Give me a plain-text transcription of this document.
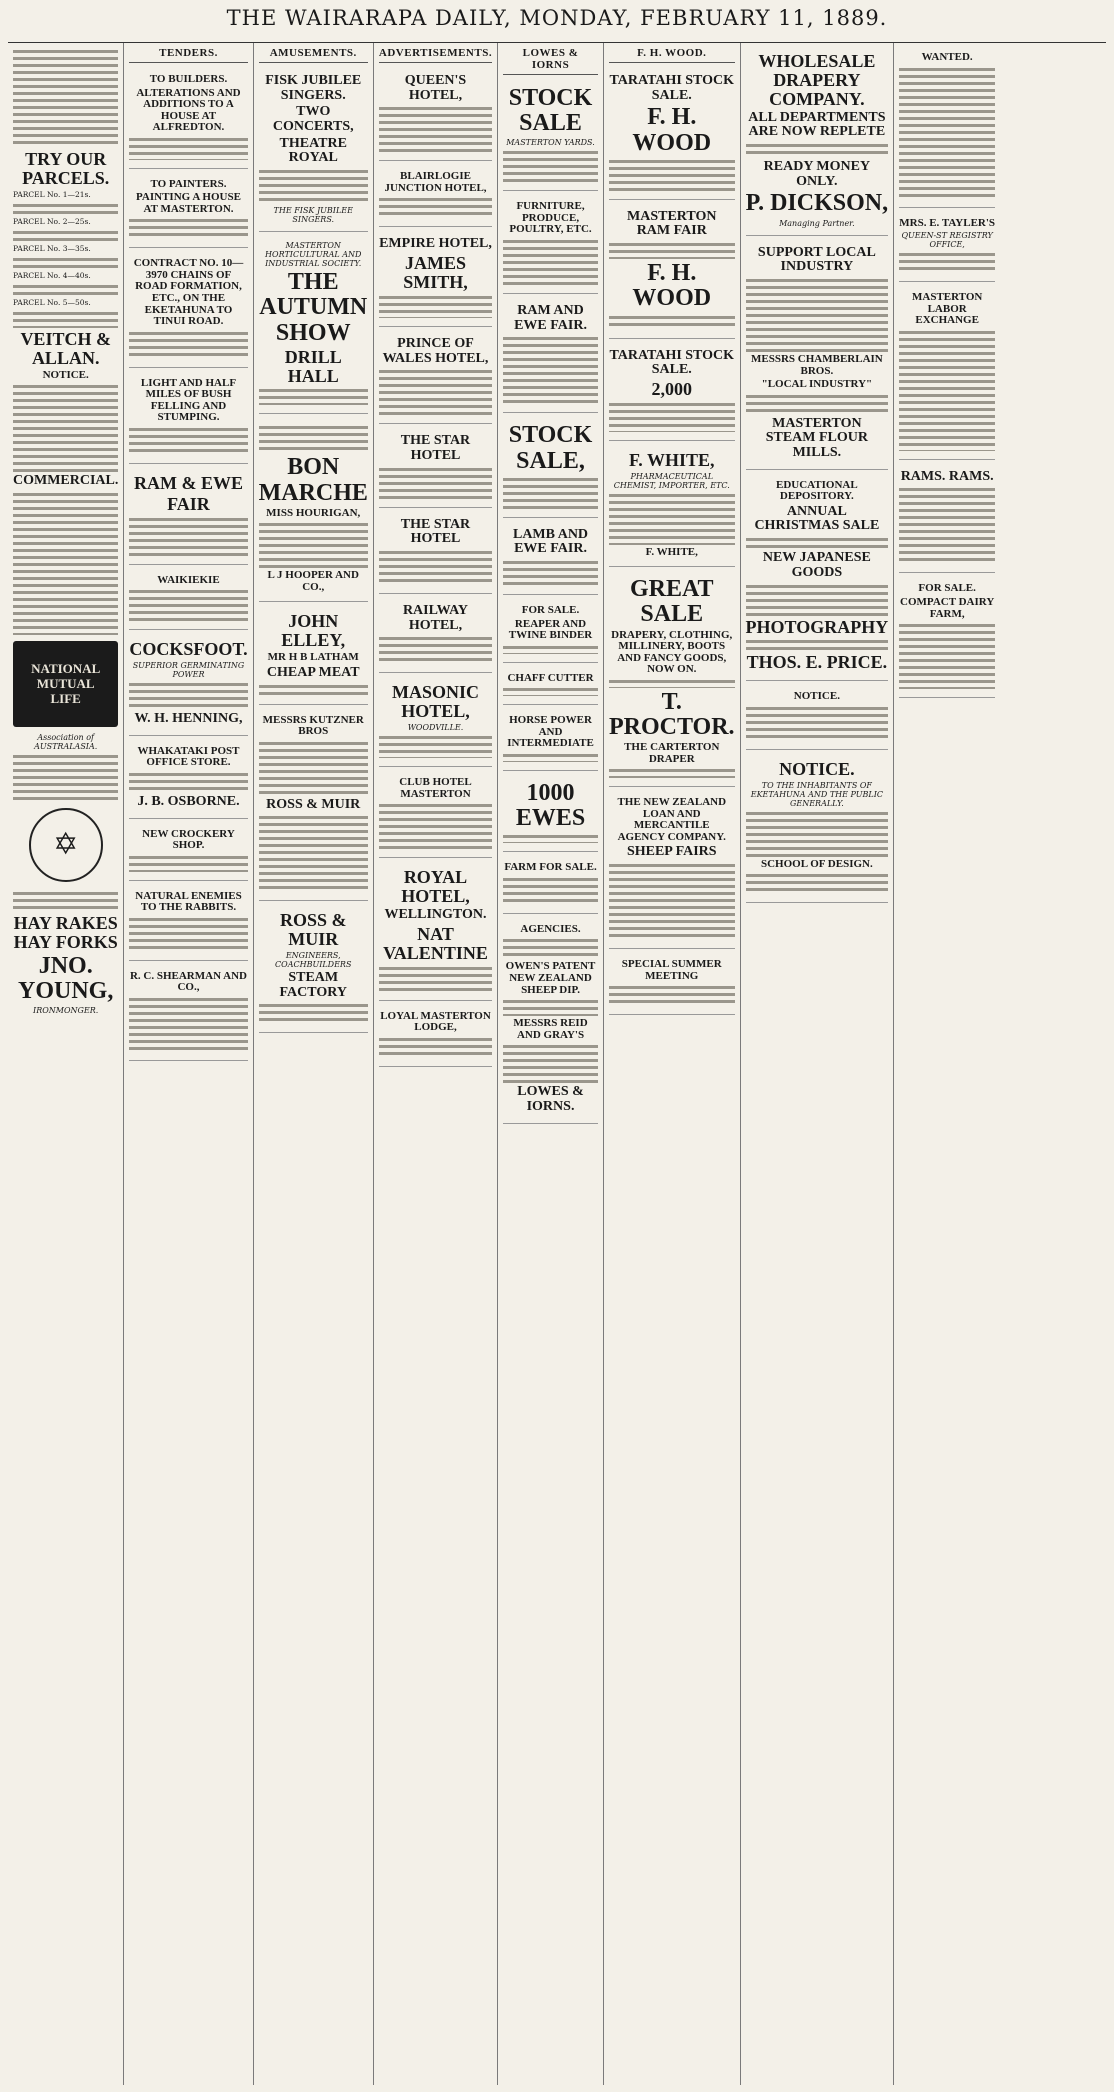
THE WAIRARAPA DAILY, MONDAY, FEBRUARY 11, 1889.
TRY OUR PARCELS.
PARCEL No. 1—21s.
PARCEL No. 2—25s.
PARCEL No. 3—35s.
PARCEL No. 4—40s.
PARCEL No. 5—50s.
VEITCH & ALLAN.
NOTICE.
COMMERCIAL.
NATIONAL MUTUAL
LIFE
Association of AUSTRALASIA.
✡
HAY RAKES HAY FORKS
JNO. YOUNG,
IRONMONGER.
TENDERS.
TO BUILDERS.
ALTERATIONS AND ADDITIONS TO A HOUSE AT ALFREDTON.
TO PAINTERS.
PAINTING A HOUSE AT MASTERTON.
CONTRACT NO. 10—3970 CHAINS OF ROAD FORMATION, ETC., ON THE EKETAHUNA TO TINUI ROAD.
LIGHT AND HALF MILES OF BUSH FELLING AND STUMPING.
RAM & EWE
FAIR
WAIKIEKIE
COCKSFOOT.
SUPERIOR GERMINATING POWER
W. H. HENNING,
WHAKATAKI POST OFFICE STORE.
J. B. OSBORNE.
NEW CROCKERY SHOP.
NATURAL ENEMIES TO THE RABBITS.
R. C. SHEARMAN AND CO.,
AMUSEMENTS.
FISK JUBILEE SINGERS.
TWO CONCERTS,
THEATRE ROYAL
THE FISK JUBILEE SINGERS.
MASTERTON HORTICULTURAL AND INDUSTRIAL SOCIETY.
THE AUTUMN SHOW
DRILL HALL
BON MARCHE
MISS HOURIGAN,
L J HOOPER AND CO.,
JOHN ELLEY,
MR H B LATHAM
CHEAP MEAT
MESSRS KUTZNER BROS
ROSS & MUIR
ROSS & MUIR
ENGINEERS, COACHBUILDERS
STEAM FACTORY
ADVERTISEMENTS.
QUEEN'S HOTEL,
BLAIRLOGIE JUNCTION HOTEL,
EMPIRE HOTEL,
JAMES SMITH,
PRINCE OF WALES HOTEL,
THE STAR HOTEL
THE STAR HOTEL
RAILWAY HOTEL,
MASONIC HOTEL,
WOODVILLE.
CLUB HOTEL MASTERTON
ROYAL HOTEL,
WELLINGTON.
NAT VALENTINE
LOYAL MASTERTON LODGE,
LOWES & IORNS
STOCK SALE
MASTERTON YARDS.
FURNITURE, PRODUCE, POULTRY, ETC.
RAM AND EWE FAIR.
STOCK SALE,
LAMB AND EWE FAIR.
FOR SALE.
REAPER AND TWINE BINDER
CHAFF CUTTER
HORSE POWER AND INTERMEDIATE
1000 EWES
FARM FOR SALE.
AGENCIES.
OWEN'S PATENT NEW ZEALAND SHEEP DIP.
MESSRS REID AND GRAY'S
LOWES & IORNS.
F. H. WOOD.
TARATAHI STOCK SALE.
F. H. WOOD
MASTERTON RAM FAIR
F. H. WOOD
TARATAHI STOCK SALE.
2,000
F. WHITE,
PHARMACEUTICAL CHEMIST, IMPORTER, ETC.
F. WHITE,
GREAT SALE
DRAPERY, CLOTHING, MILLINERY, BOOTS AND FANCY GOODS, NOW ON.
T. PROCTOR.
THE CARTERTON DRAPER
THE NEW ZEALAND LOAN AND MERCANTILE AGENCY COMPANY.
SHEEP FAIRS
SPECIAL SUMMER MEETING
WHOLESALE DRAPERY COMPANY.
ALL DEPARTMENTS ARE NOW REPLETE
READY MONEY ONLY.
P. DICKSON,
Managing Partner.
SUPPORT LOCAL INDUSTRY
MESSRS CHAMBERLAIN BROS.
"LOCAL INDUSTRY"
MASTERTON STEAM FLOUR MILLS.
EDUCATIONAL DEPOSITORY.
ANNUAL CHRISTMAS SALE
NEW JAPANESE GOODS
PHOTOGRAPHY
THOS. E. PRICE.
NOTICE.
NOTICE.
TO THE INHABITANTS OF EKETAHUNA AND THE PUBLIC GENERALLY.
SCHOOL OF DESIGN.
WANTED.
MRS. E. TAYLER'S
QUEEN-ST REGISTRY OFFICE,
MASTERTON LABOR EXCHANGE
RAMS. RAMS.
FOR SALE.
COMPACT DAIRY FARM,
